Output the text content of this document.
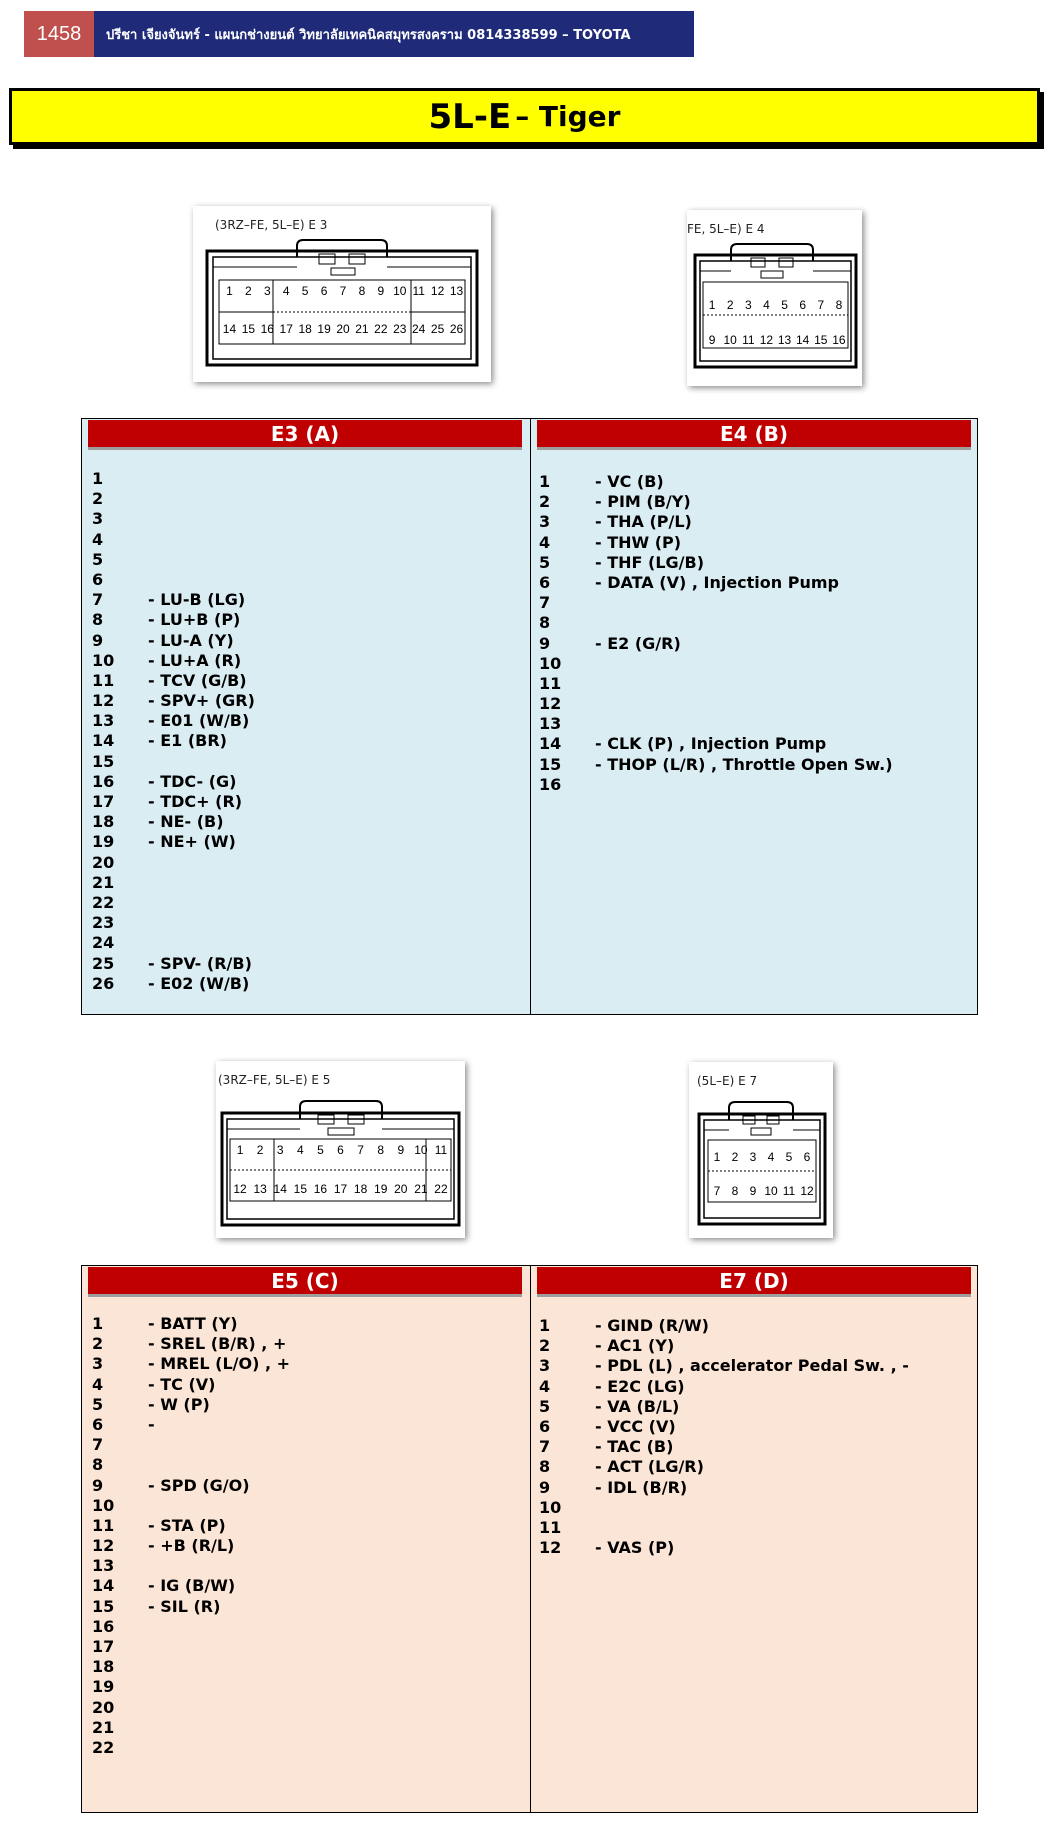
1458	ปรีชา เจียงจันทร์ - แผนกช่างยนต์ วิทยาลัยเทคนิคสมุทรสงคราม 0814338599 – TOYOTA
5L-E – Tiger
(3RZ–FE, 5L–E) E 3
1	2	3	4	5	6	7	8	9 10 11 12 13
14 15 16 17 18 19 20 21 22 23 24 25 26
FE, 5L–E) E 4
1 2 3 4 5 6 7 8
9 10 11 12 13 14 15 16
E3 (A)	E4 (B)
1
2
3
4
5
6
7	- LU-B (LG)
8	- LU+B (P)
9	- LU-A (Y)
10 - LU+A (R)
11 - TCV (G/B)
12 - SPV+ (GR)
13 - E01 (W/B)
14 - E1 (BR)
15
16 - TDC- (G)
17 - TDC+ (R)
18 - NE- (B)
19 - NE+ (W)
20
21
22
23
24
25 - SPV- (R/B)
26 - E02 (W/B)
1	- VC (B)
2	- PIM (B/Y)
3	- THA (P/L)
4	- THW (P)
5	- THF (LG/B)
6	- DATA (V) , Injection Pump
7
8
9	- E2 (G/R)
10
11
12
13
14 - CLK (P) , Injection Pump
15 - THOP (L/R) , Throttle Open Sw.)
16
(3RZ–FE, 5L–E) E 5
1	2	3	4	5	6	7	8	9 10 11
12 13 14 15 16 17 18 19 20 21 22
(5L–E) E 7
1 2 3 4 5 6
7 8 9 10 11 12
E5 (C)	E7 (D)
1	- BATT (Y)
2	- SREL (B/R) , +
3	- MREL (L/O) , +
4	- TC (V)
5	- W (P)
6	-
7
8
9	- SPD (G/O)
10
11 - STA (P)
12 - +B (R/L)
13
14 - IG (B/W)
15 - SIL (R)
16
17
18
19
20
21
22
1	- GIND (R/W)
2	- AC1 (Y)
3	- PDL (L) , accelerator Pedal Sw. , -
4	- E2C (LG)
5	- VA (B/L)
6	- VCC (V)
7	- TAC (B)
8	- ACT (LG/R)
9	- IDL (B/R)
10
11
12 - VAS (P)
